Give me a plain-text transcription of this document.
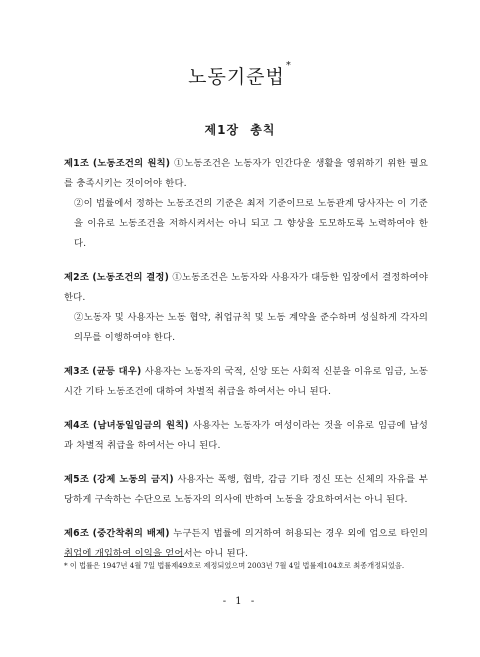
노동기준법*
제1장 총칙

제1조 (노동조건의 원칙) ①노동조건은 노동자가 인간다운 생활을 영위하기 위한 필요를 충족시키는 것이어야 한다.

②이 법률에서 정하는 노동조건의 기준은 최저 기준이므로 노동관계 당사자는 이 기준을 이유로 노동조건을 저하시켜서는 아니 되고 그 향상을 도모하도록 노력하여야 한다.

제2조 (노동조건의 결정) ①노동조건은 노동자와 사용자가 대등한 입장에서 결정하여야 한다.

②노동자 및 사용자는 노동 협약, 취업규칙 및 노동 계약을 준수하며 성실하게 각자의 의무를 이행하여야 한다.

제3조 (균등 대우) 사용자는 노동자의 국적, 신앙 또는 사회적 신분을 이유로 임금, 노동시간 기타 노동조건에 대하여 차별적 취급을 하여서는 아니 된다.

제4조 (남녀동일임금의 원칙) 사용자는 노동자가 여성이라는 것을 이유로 임금에 남성과 차별적 취급을 하여서는 아니 된다.

제5조 (강제 노동의 금지) 사용자는 폭행, 협박, 감금 기타 정신 또는 신체의 자유를 부당하게 구속하는 수단으로 노동자의 의사에 반하여 노동을 강요하여서는 아니 된다.

제6조 (중간착취의 배제) 누구든지 법률에 의거하여 허용되는 경우 외에 업으로 타인의 취업에 개입하여 이익을 얻어서는 아니 된다.

* 이 법률은 1947년 4월 7일 법률제49호로 제정되었으며 2003년 7월 4일 법률제104호로 최종개정되었음.
- 1 -
